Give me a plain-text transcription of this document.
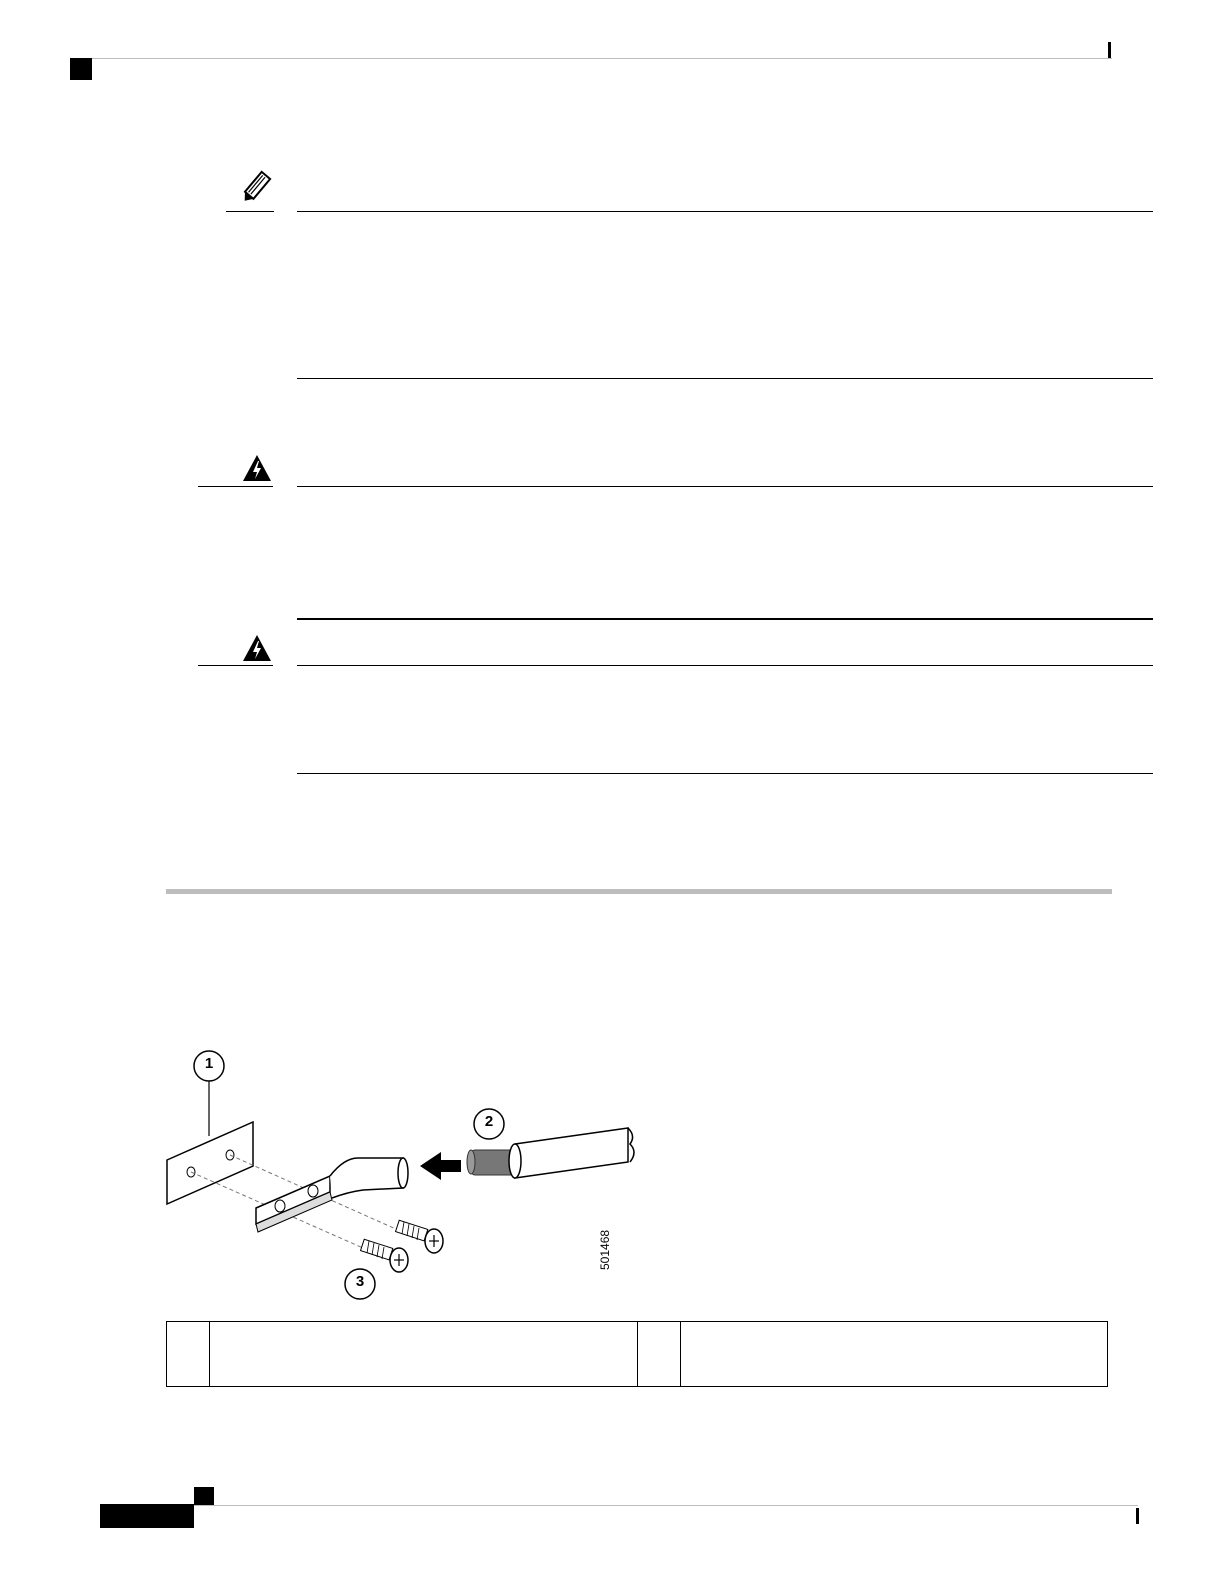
1
2
3
501468
